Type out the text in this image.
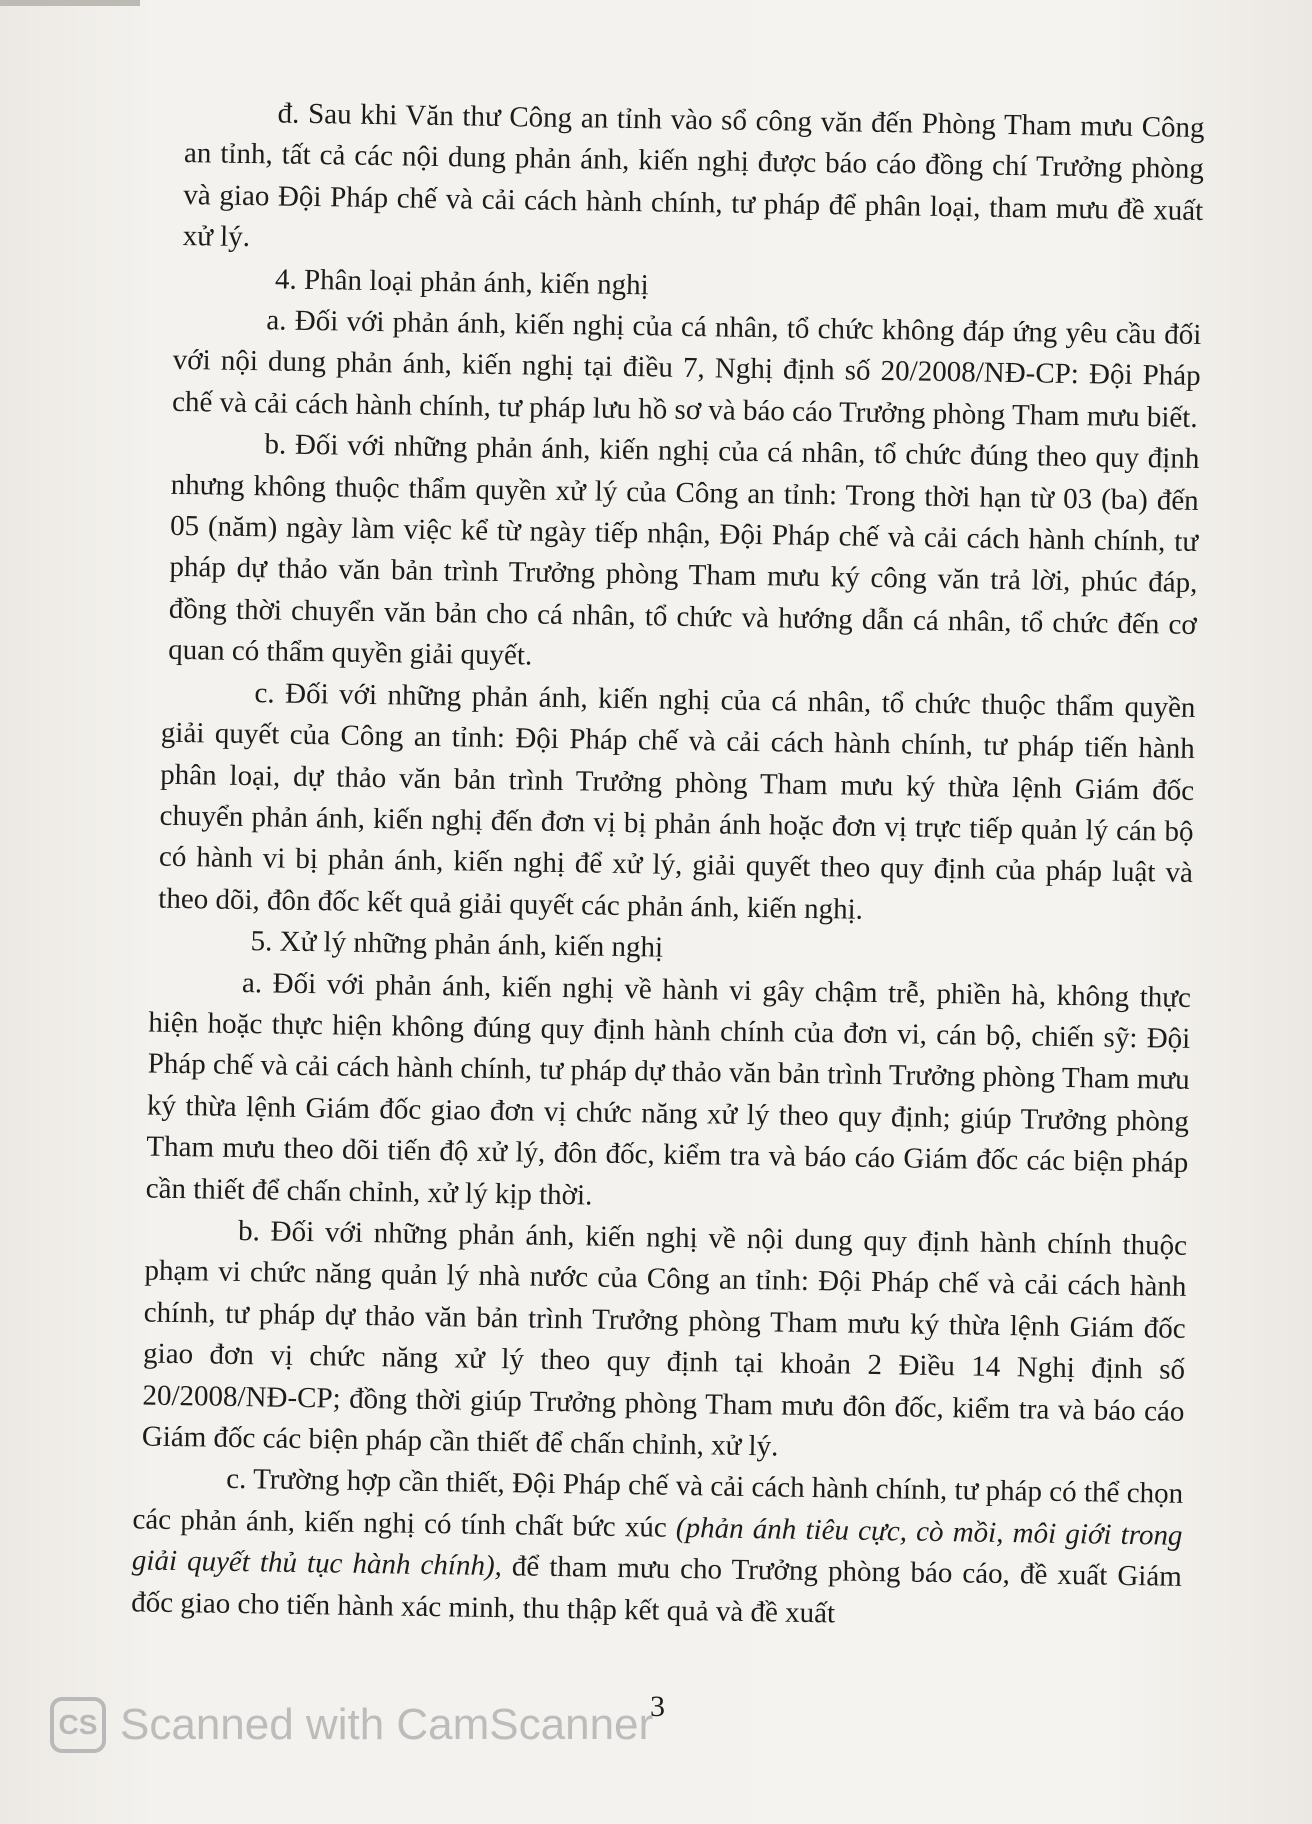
đ. Sau khi Văn thư Công an tỉnh vào sổ công văn đến Phòng Tham mưu Công an tỉnh, tất cả các nội dung phản ánh, kiến nghị được báo cáo đồng chí Trưởng phòng và giao Đội Pháp chế và cải cách hành chính, tư pháp để phân loại, tham mưu đề xuất xử lý.

4. Phân loại phản ánh, kiến nghị

a. Đối với phản ánh, kiến nghị của cá nhân, tổ chức không đáp ứng yêu cầu đối với nội dung phản ánh, kiến nghị tại điều 7, Nghị định số 20/2008/NĐ-CP: Đội Pháp chế và cải cách hành chính, tư pháp lưu hồ sơ và báo cáo Trưởng phòng Tham mưu biết.

b. Đối với những phản ánh, kiến nghị của cá nhân, tổ chức đúng theo quy định nhưng không thuộc thẩm quyền xử lý của Công an tỉnh: Trong thời hạn từ 03 (ba) đến 05 (năm) ngày làm việc kể từ ngày tiếp nhận, Đội Pháp chế và cải cách hành chính, tư pháp dự thảo văn bản trình Trưởng phòng Tham mưu ký công văn trả lời, phúc đáp, đồng thời chuyển văn bản cho cá nhân, tổ chức và hướng dẫn cá nhân, tổ chức đến cơ quan có thẩm quyền giải quyết.

c. Đối với những phản ánh, kiến nghị của cá nhân, tổ chức thuộc thẩm quyền giải quyết của Công an tỉnh: Đội Pháp chế và cải cách hành chính, tư pháp tiến hành phân loại, dự thảo văn bản trình Trưởng phòng Tham mưu ký thừa lệnh Giám đốc chuyển phản ánh, kiến nghị đến đơn vị bị phản ánh hoặc đơn vị trực tiếp quản lý cán bộ có hành vi bị phản ánh, kiến nghị để xử lý, giải quyết theo quy định của pháp luật và theo dõi, đôn đốc kết quả giải quyết các phản ánh, kiến nghị.

5. Xử lý những phản ánh, kiến nghị

a. Đối với phản ánh, kiến nghị về hành vi gây chậm trễ, phiền hà, không thực hiện hoặc thực hiện không đúng quy định hành chính của đơn vi, cán bộ, chiến sỹ: Đội Pháp chế và cải cách hành chính, tư pháp dự thảo văn bản trình Trưởng phòng Tham mưu ký thừa lệnh Giám đốc giao đơn vị chức năng xử lý theo quy định; giúp Trưởng phòng Tham mưu theo dõi tiến độ xử lý, đôn đốc, kiểm tra và báo cáo Giám đốc các biện pháp cần thiết để chấn chỉnh, xử lý kịp thời.

b. Đối với những phản ánh, kiến nghị về nội dung quy định hành chính thuộc phạm vi chức năng quản lý nhà nước của Công an tỉnh: Đội Pháp chế và cải cách hành chính, tư pháp dự thảo văn bản trình Trưởng phòng Tham mưu ký thừa lệnh Giám đốc giao đơn vị chức năng xử lý theo quy định tại khoản 2 Điều 14 Nghị định số 20/2008/NĐ-CP; đồng thời giúp Trưởng phòng Tham mưu đôn đốc, kiểm tra và báo cáo Giám đốc các biện pháp cần thiết để chấn chỉnh, xử lý.

c. Trường hợp cần thiết, Đội Pháp chế và cải cách hành chính, tư pháp có thể chọn các phản ánh, kiến nghị có tính chất bức xúc (phản ánh tiêu cực, cò mồi, môi giới trong giải quyết thủ tục hành chính), để tham mưu cho Trưởng phòng báo cáo, đề xuất Giám đốc giao cho tiến hành xác minh, thu thập kết quả và đề xuất

3
CS Scanned with CamScanner
